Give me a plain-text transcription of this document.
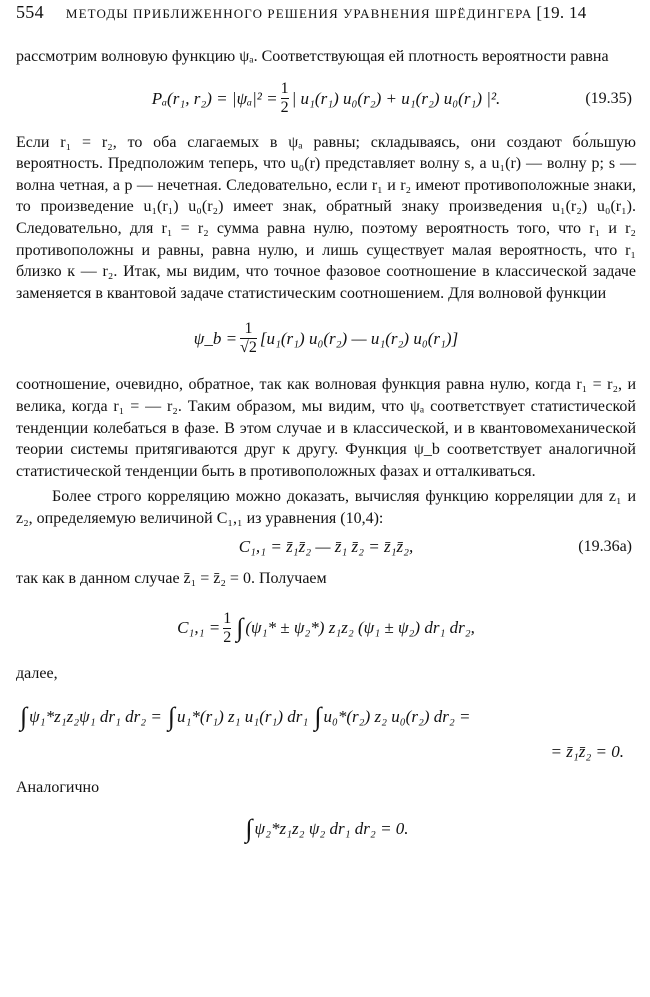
554 МЕТОДЫ ПРИБЛИЖЕННОГО РЕШЕНИЯ УРАВНЕНИЯ ШРЁДИНГЕРА [19. 14

рассмотрим волновую функцию ψₐ. Соответствующая ей плотность вероятности равна

Pₐ(r₁, $r_2) = |\psi_a|^2 = \frac{1}{2}$ | u₁(r₁) u₀(r₂) + u₁(r₂) u₀(r₁) |².	(19.35)

Если r₁ = r₂, то оба слагаемых в ψₐ равны; складываясь, они создают бо́льшую вероятность. Предположим теперь, что u₀(r) представляет волну s, а u₁(r) — волну p; s — волна четная, а p — нечетная. Следовательно, если r₁ и r₂ имеют противоположные знаки, то произведение u₁(r₁) u₀(r₂) имеет знак, обратный знаку произведения u₁(r₂) u₀(r₁). Следовательно, для r₁ = r₂ сумма равна нулю, поэтому вероятность того, что r₁ и r₂ противоположны и равны, равна нулю, и лишь существует малая вероятность, что r₁ близко к — r₂. Итак, мы видим, что точное фазовое соотношение в классической задаче заменяется в квантовой задаче статистическим соотношением. Для волновой функции

ψ_b = $\frac{1}{√2} [u_1(r_1)$ u₀(r₂) — u₁(r₂) u₀(r₁)]

соотношение, очевидно, обратное, так как волновая функция равна нулю, когда r₁ = r₂, и велика, когда r₁ = — r₂. Таким образом, мы видим, что ψₐ соответствует статистической тенденции колебаться в фазе. В этом случае и в классической, и в квантовомеханической теории системы притягиваются друг к другу. Функция ψ_b соответствует аналогичной статистической тенденции быть в противоположных фазах и отталкиваться.

Более строго корреляцию можно доказать, вычисляя функцию корреляции для z₁ и z₂, определяемую величиной C₁,₁ из уравнения (10,4):

C₁,₁ = z̄₁z̄₂ — z̄₁ z̄₂ = z̄₁z̄₂,	(19.36а)

так как в данном случае z̄₁ = z̄₂ = 0. Получаем

$C_1,_1 = \frac{1}{2}$ ∫ (ψ₁* ± ψ₂*) z₁z₂ (ψ₁ ± ψ₂) dr₁ dr₂,

далее,

∫ ψ₁*z₁z₂ψ₁ dr₁ dr₂ = ∫ u₁*(r₁) z₁ u₁(r₁) dr₁ ∫ u₀*(r₂) z₂ u₀(r₂) dr₂ =
= z̄₁z̄₂ = 0.

Аналогично

∫ ψ₂*z₁z₂ ψ₂ dr₁ dr₂ = 0.
